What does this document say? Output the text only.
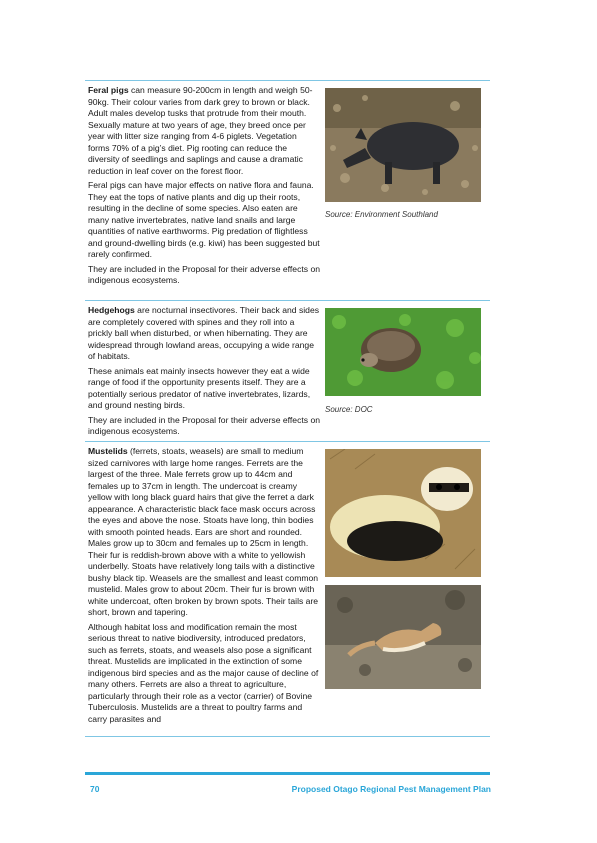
Feral pigs can measure 90-200cm in length and weigh 50-90kg. Their colour varies from dark grey to brown or black. Adult males develop tusks that protrude from their mouth. Sexually mature at two years of age, they breed once per year with litter size ranging from 4-6 piglets. Vegetation forms 70% of a pig’s diet. Pig rooting can reduce the diversity of seedlings and saplings and cause a dramatic reduction in leaf cover on the forest floor.

Feral pigs can have major effects on native flora and fauna. They eat the tops of native plants and dig up their roots, resulting in the decline of some species. Also eaten are many native invertebrates, native land snails and large quantities of native earthworms. Pig predation of flightless and ground-dwelling birds (e.g. kiwi) has been suggested but rarely confirmed.

They are included in the Proposal for their adverse effects on indigenous ecosystems.

Source: Environment Southland

Hedgehogs are nocturnal insectivores. Their back and sides are completely covered with spines and they roll into a prickly ball when disturbed, or when hibernating. They are widespread through lowland areas, occupying a wide range of habitats.

These animals eat mainly insects however they eat a wide range of food if the opportunity presents itself. They are a potentially serious predator of native invertebrates, lizards, and ground nesting birds.

They are included in the Proposal for their adverse effects on indigenous ecosystems.

Source: DOC

Mustelids (ferrets, stoats, weasels) are small to medium sized carnivores with large home ranges. Ferrets are the largest of the three. Male ferrets grow up to 44cm and females up to 37cm in length. The undercoat is creamy yellow with long black guard hairs that give the ferret a dark appearance. A characteristic black face mask occurs across the eyes and above the nose. Stoats have long, thin bodies with smooth pointed heads. Ears are short and rounded. Males grow up to 30cm and females up to 25cm in length. Their fur is reddish-brown above with a white to yellowish underbelly. Stoats have relatively long tails with a distinctive bushy black tip. Weasels are the smallest and least common mustelid. Males grow to about 20cm. Their fur is brown with white undercoat, often broken by brown spots. Their tails are short, brown and tapering.

Although habitat loss and modification remain the most serious threat to native biodiversity, introduced predators, such as ferrets, stoats, and weasels also pose a significant threat. Mustelids are implicated in the extinction of some indigenous bird species and as the major cause of decline of many others. Ferrets are also a threat to agriculture, particularly through their role as a vector (carrier) of Bovine Tuberculosis. Mustelids are a threat to poultry farms and carry parasites and

70	Proposed Otago Regional Pest Management Plan
